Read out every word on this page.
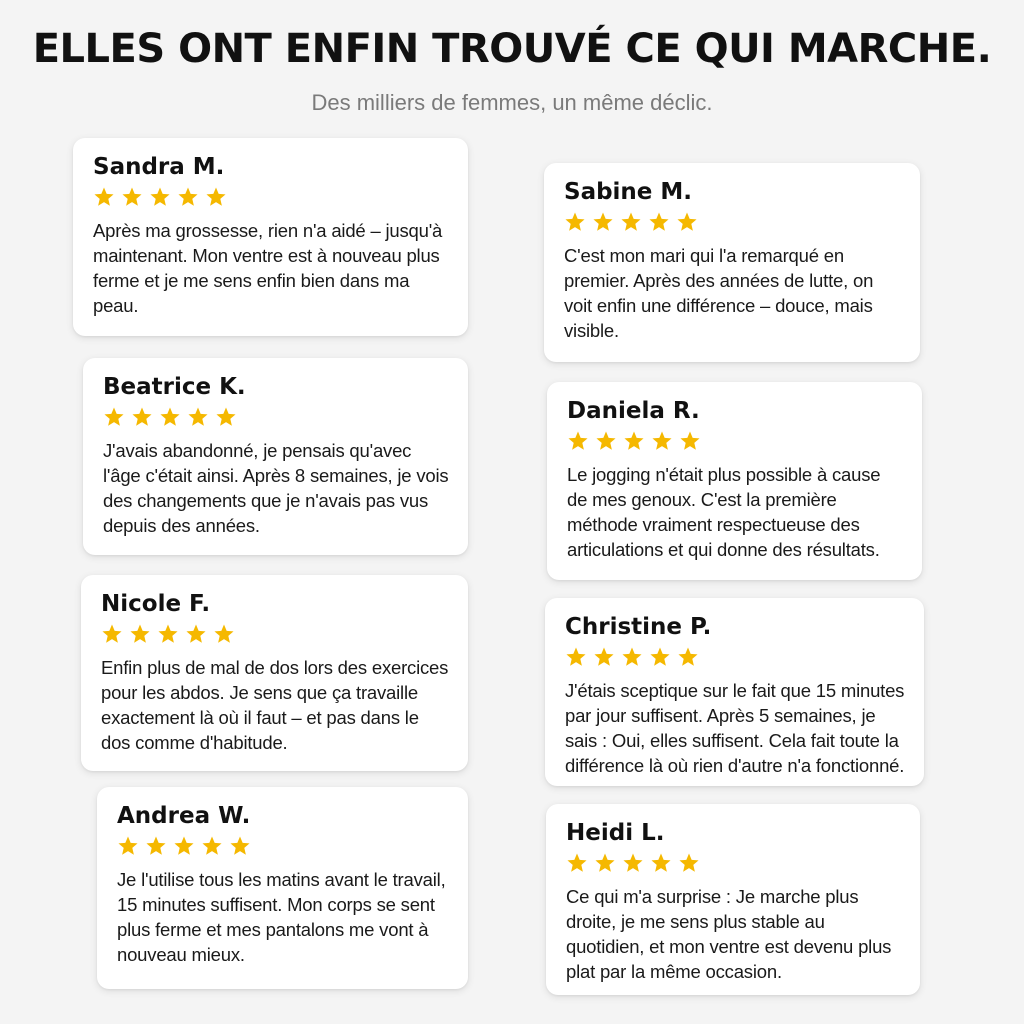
ELLES ONT ENFIN TROUVÉ CE QUI MARCHE.
Des milliers de femmes, un même déclic.
Sandra M.
Après ma grossesse, rien n'a aidé – jusqu'à maintenant. Mon ventre est à nouveau plus ferme et je me sens enfin bien dans ma peau.
Beatrice K.
J'avais abandonné, je pensais qu'avec l'âge c'était ainsi. Après 8 semaines, je vois des changements que je n'avais pas vus depuis des années.
Nicole F.
Enfin plus de mal de dos lors des exercices pour les abdos. Je sens que ça travaille exactement là où il faut – et pas dans le dos comme d'habitude.
Andrea W.
Je l'utilise tous les matins avant le travail, 15 minutes suffisent. Mon corps se sent plus ferme et mes pantalons me vont à nouveau mieux.
Sabine M.
C'est mon mari qui l'a remarqué en premier. Après des années de lutte, on voit enfin une différence – douce, mais visible.
Daniela R.
Le jogging n'était plus possible à cause de mes genoux. C'est la première méthode vraiment respectueuse des articulations et qui donne des résultats.
Christine P.
J'étais sceptique sur le fait que 15 minutes par jour suffisent. Après 5 semaines, je sais : Oui, elles suffisent. Cela fait toute la différence là où rien d'autre n'a fonctionné.
Heidi L.
Ce qui m'a surprise : Je marche plus droite, je me sens plus stable au quotidien, et mon ventre est devenu plus plat par la même occasion.
